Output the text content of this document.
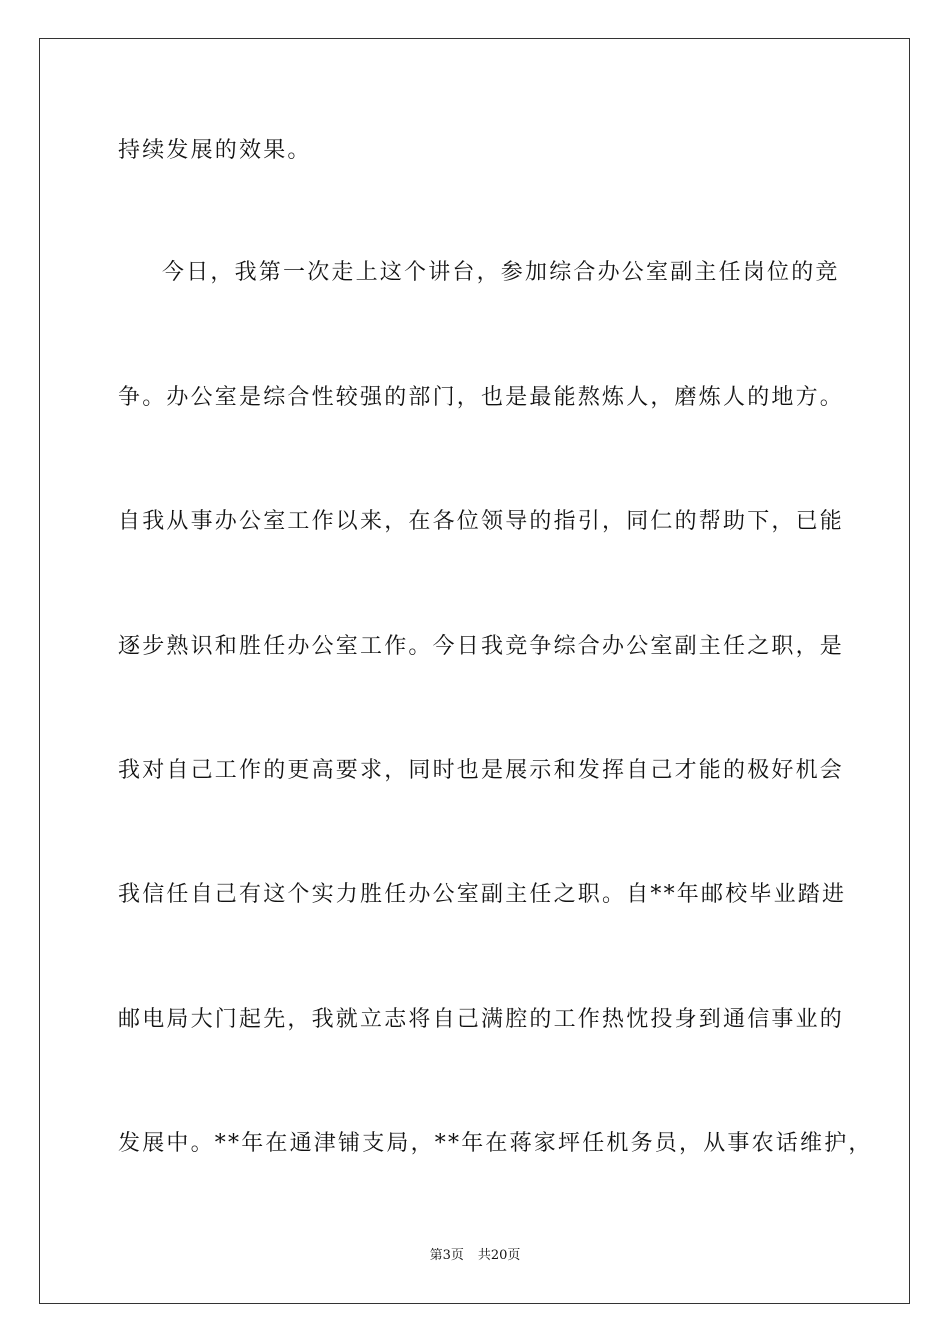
持续发展的效果。
今日，我第一次走上这个讲台，参加综合办公室副主任岗位的竞
争。办公室是综合性较强的部门，也是最能熬炼人，磨炼人的地方。
自我从事办公室工作以来，在各位领导的指引，同仁的帮助下，已能
逐步熟识和胜任办公室工作。今日我竞争综合办公室副主任之职，是
我对自己工作的更高要求，同时也是展示和发挥自己才能的极好机会
我信任自己有这个实力胜任办公室副主任之职。自**年邮校毕业踏进
邮电局大门起先，我就立志将自己满腔的工作热忱投身到通信事业的
发展中。**年在通津铺支局，**年在蒋家坪任机务员，从事农话维护，
第3页 共20页
